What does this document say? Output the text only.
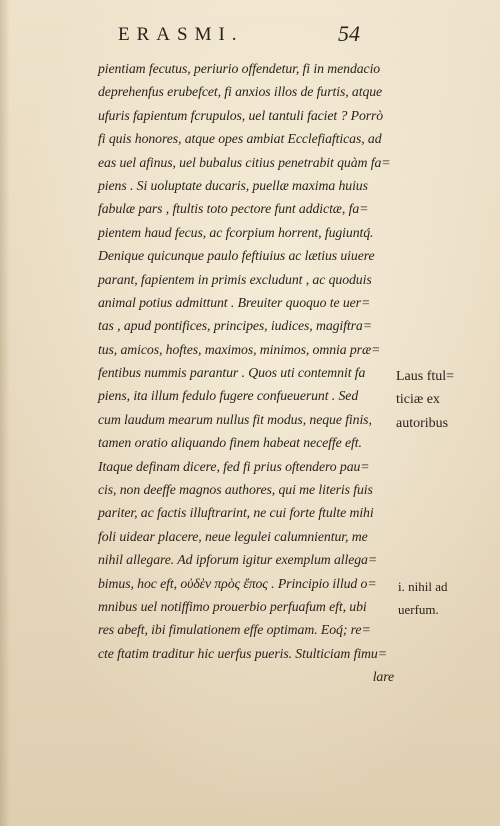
ERASMI.	54
pientiam fecutus, periurio offendetur, fi in mendacio
deprehenfus erubefcet, fi anxios illos de furtis, atque
ufuris fapientum fcrupulos, uel tantuli faciet ? Porrò
fi quis honores, atque opes ambiat Ecclefiafticas, ad
eas uel afinus, uel bubalus citius penetrabit quàm fa=
piens . Si uoluptate ducaris, puellæ maxima huius
fabulæ pars , ftultis toto pectore funt addictæ, fa=
pientem haud fecus, ac fcorpium horrent, fugiuntq́.
Denique quicunque paulo feftiuius ac lætius uiuere
parant, fapientem in primis excludunt , ac quoduis
animal potius admittunt . Breuiter quoquo te uer=
tas , apud pontifices, principes, iudices, magiftra=
tus, amicos, hoftes, maximos, minimos, omnia præ=
fentibus nummis parantur . Quos uti contemnit fa
piens, ita illum fedulo fugere confueuerunt . Sed
cum laudum mearum nullus fit modus, neque finis,
tamen oratio aliquando finem habeat neceffe eft.
Itaque definam dicere, fed fi prius oftendero pau=
cis, non deeffe magnos authores, qui me literis fuis
pariter, ac factis illuftrarint, ne cui forte ftulte mihi
foli uidear placere, neue legulei calumnientur, me
nihil allegare. Ad ipforum igitur exemplum allega=
bimus, hoc eft, οὐδὲν πρὸς ἔπος . Principio illud o=
mnibus uel notiffimo prouerbio perfuafum eft, ubi
res abeft, ibi fimulationem effe optimam. Eoq́; re=
cte ftatim traditur hic uerfus pueris. Stulticiam fimu=
lare
Laus ftul=
ticiæ ex
autoribus
i. nihil ad
uerfum.
